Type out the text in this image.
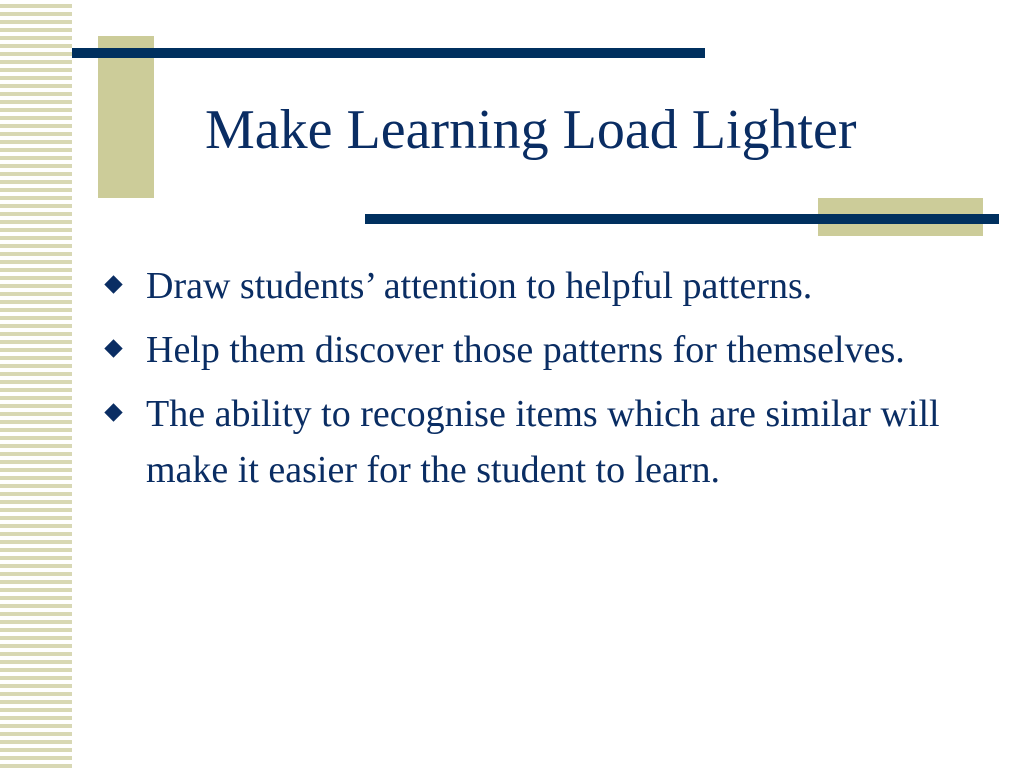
Make Learning Load Lighter
Draw students’ attention to helpful patterns.
Help them discover those patterns for themselves.
The ability to recognise items which are similar will make it easier for the student to learn.
